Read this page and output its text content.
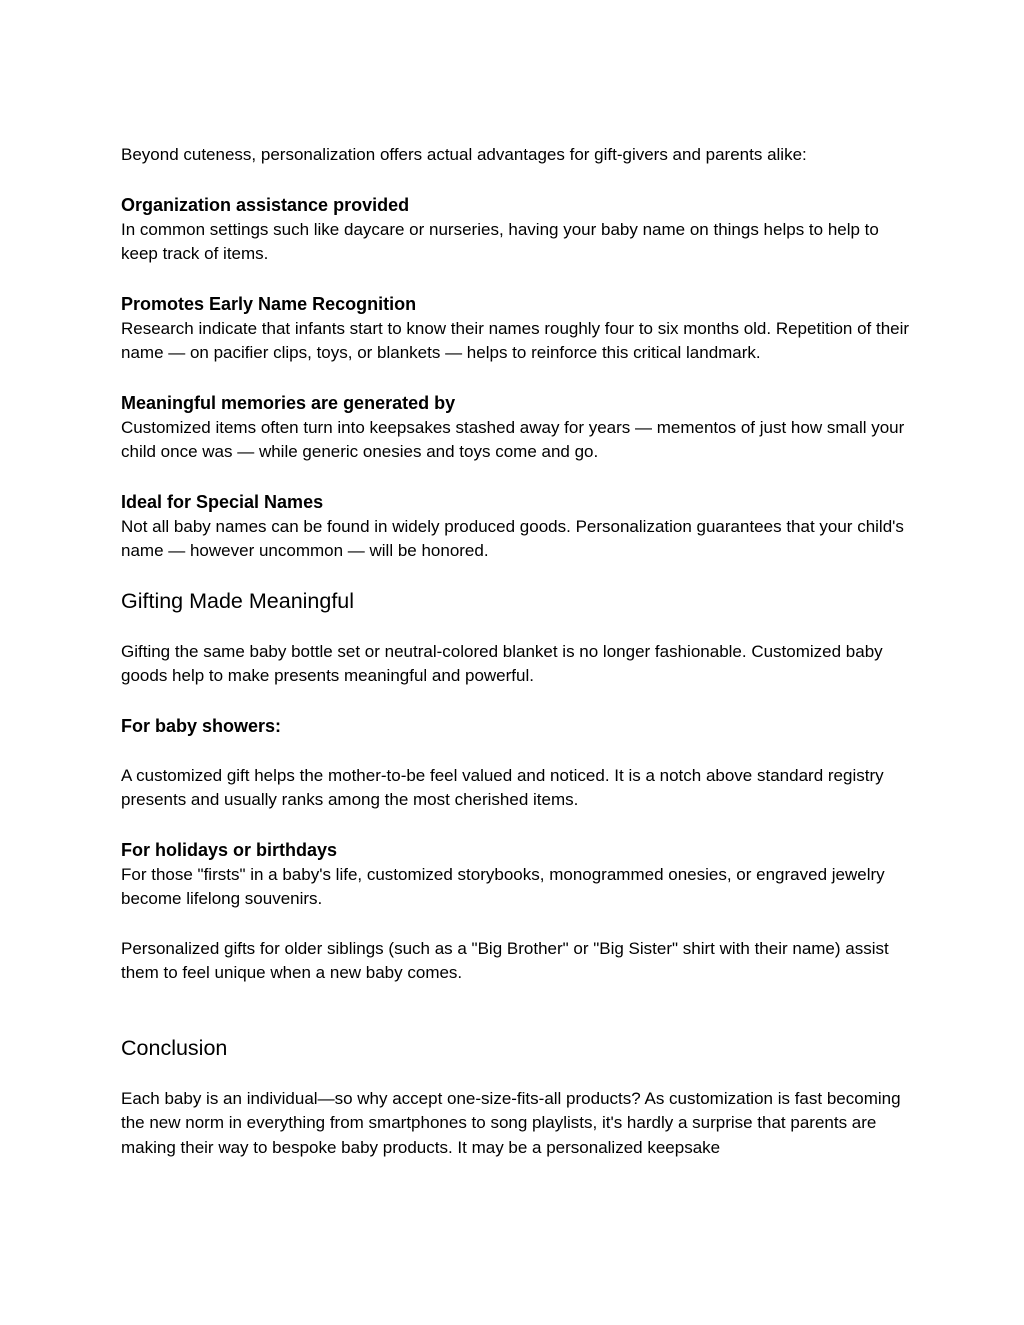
Beyond cuteness, personalization offers actual advantages for gift-givers and parents alike:

Organization assistance provided

In common settings such like daycare or nurseries, having your baby name on things helps to help to keep track of items.

Promotes Early Name Recognition

Research indicate that infants start to know their names roughly four to six months old. Repetition of their name — on pacifier clips, toys, or blankets — helps to reinforce this critical landmark.

Meaningful memories are generated by

Customized items often turn into keepsakes stashed away for years — mementos of just how small your child once was — while generic onesies and toys come and go.

Ideal for Special Names

Not all baby names can be found in widely produced goods. Personalization guarantees that your child's name — however uncommon — will be honored.

Gifting Made Meaningful

Gifting the same baby bottle set or neutral-colored blanket is no longer fashionable. Customized baby goods help to make presents meaningful and powerful.

For baby showers:

A customized gift helps the mother-to-be feel valued and noticed. It is a notch above standard registry presents and usually ranks among the most cherished items.

For holidays or birthdays

For those "firsts" in a baby's life, customized storybooks, monogrammed onesies, or engraved jewelry become lifelong souvenirs.

Personalized gifts for older siblings (such as a "Big Brother" or "Big Sister" shirt with their name) assist them to feel unique when a new baby comes.

Conclusion

Each baby is an individual—so why accept one-size-fits-all products? As customization is fast becoming the new norm in everything from smartphones to song playlists, it's hardly a surprise that parents are making their way to bespoke baby products. It may be a personalized keepsake
